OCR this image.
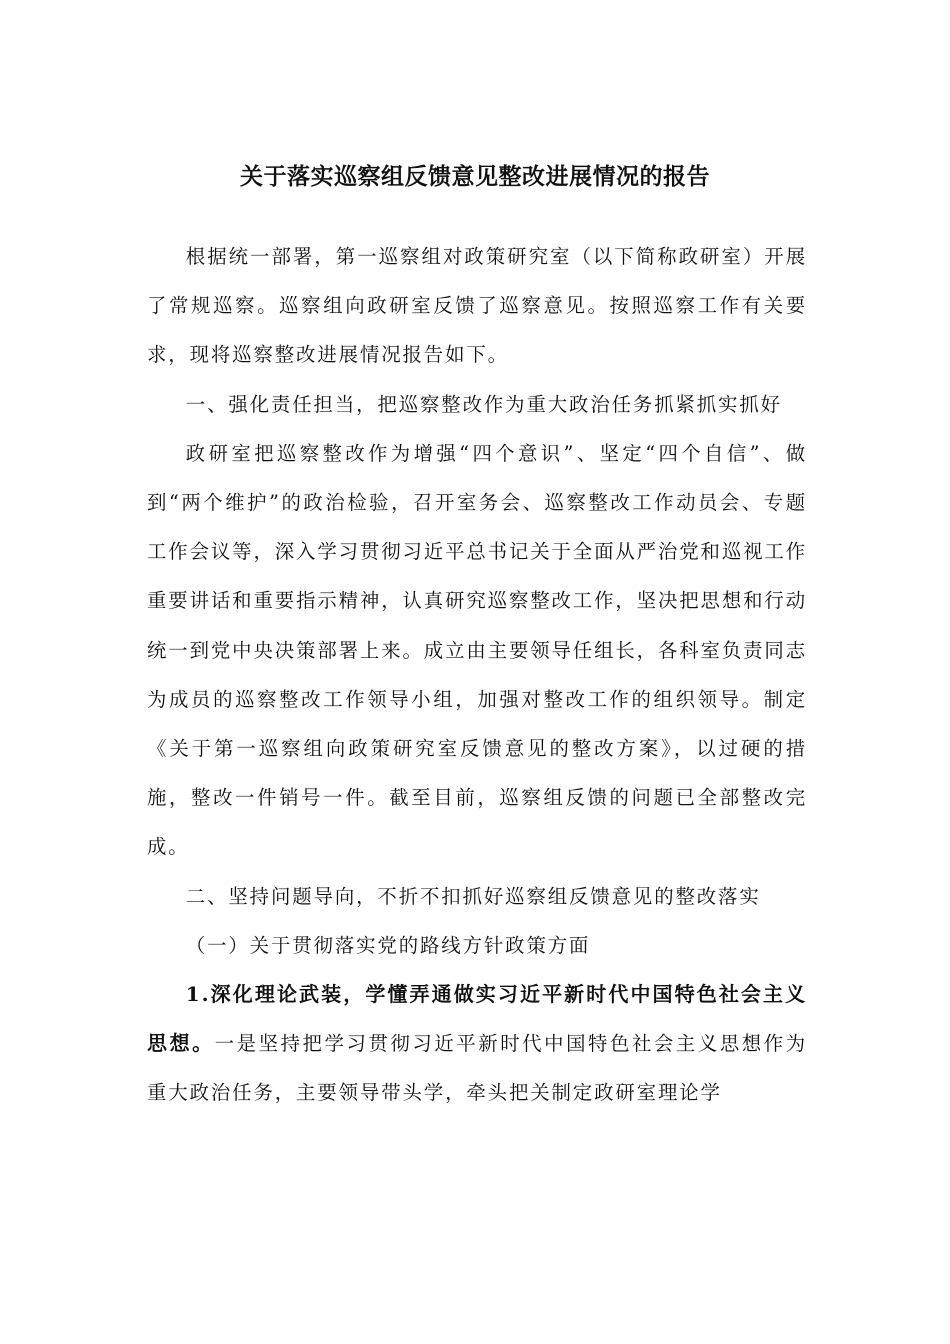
关于落实巡察组反馈意见整改进展情况的报告

根据统一部署，第一巡察组对政策研究室（以下简称政研室）开展了常规巡察。巡察组向政研室反馈了巡察意见。按照巡察工作有关要求，现将巡察整改进展情况报告如下。

一、强化责任担当，把巡察整改作为重大政治任务抓紧抓实抓好

政研室把巡察整改作为增强“四个意识”、坚定“四个自信”、做到“两个维护”的政治检验，召开室务会、巡察整改工作动员会、专题工作会议等，深入学习贯彻习近平总书记关于全面从严治党和巡视工作重要讲话和重要指示精神，认真研究巡察整改工作，坚决把思想和行动统一到党中央决策部署上来。成立由主要领导任组长，各科室负责同志为成员的巡察整改工作领导小组，加强对整改工作的组织领导。制定《关于第一巡察组向政策研究室反馈意见的整改方案》，以过硬的措施，整改一件销号一件。截至目前，巡察组反馈的问题已全部整改完成。

二、坚持问题导向，不折不扣抓好巡察组反馈意见的整改落实

（一）关于贯彻落实党的路线方针政策方面

1.深化理论武装，学懂弄通做实习近平新时代中国特色社会主义思想。一是坚持把学习贯彻习近平新时代中国特色社会主义思想作为重大政治任务，主要领导带头学，牵头把关制定政研室理论学
